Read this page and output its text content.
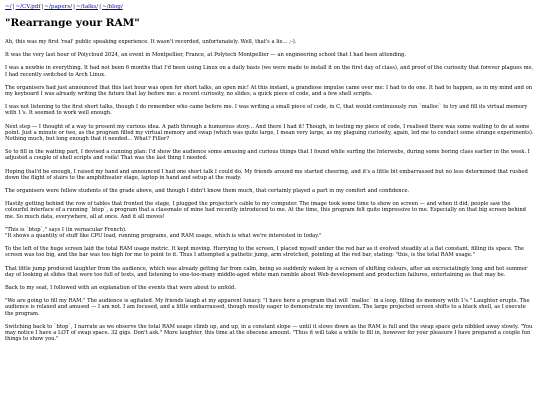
~/|~/CV.pdf|~/papers/|~/talks/|~/blog/
"Rearrange your RAM"

Ah, this was my first 'real' public speaking experience. It wasn't recorded, unfortunately. Well, that's a lie... ;-).

It was the very last hour of Polycloud 2024, an event in Montpellier, France, at Polytech Montpellier — an engineering school that I had been attending.

I was a newbie in everything. It had not been 6 months that I'd been using Linux on a daily basis (we were made to install it on the first day of class), and proof of the curiosity that forever plagues me, I had recently switched to Arch Linux.

The organisers had just announced that this last hour was open for short talks, an open mic! At this instant, a grandiose impulse came over me: I had to do one. It had to happen, as in my mind and on my keyboard I was already writing the future that lay before me: a recent curiosity, no slides, a quick piece of code, and a few shell scripts.

I was not listening to the first short talks, though I do remember who came before me. I was writing a small piece of code, in C, that would continuously run `malloc` to try and fill its virtual memory with 1's. It seemed to work well enough.

Next step — I thought of a way to present my curious idea. A path through a humorous story... And there I had it! Though, in testing my piece of code, I realised there was some waiting to do at some point. Just a minute or two, as the program filled my virtual memory and swap (which was quite large, I mean very large, as my plaguing curiosity, again, led me to conduct some strange experiments). Nothing much, but long enough that it needed... What? Filler?

So to fill in the waiting part, I devised a cunning plan: I'd show the audience some amusing and curious things that I found while surfing the Interwebs, during some boring class earlier in the week. I adjusted a couple of shell scripts and voilà! That was the last thing I needed.

Hoping that'd be enough, I raised my hand and announced I had one short talk I could do. My friends around me started cheering, and it's a little bit embarrassed but no less determined that rushed down the flight of stairs to the amphitheater stage, laptop in hand and setup at the ready.

The organisers were fellow students of the grade above, and though I didn't know them much, that certainly played a part in my comfort and confidence.

Hastily getting behind the row of tables that fronted the stage, I plugged the projector's cable to my computer. The image took some time to show on screen — and when it did, people saw the colourful interface of a running `btop`, a program that a classmate of mine had recently introduced to me. At the time, this program felt quite impressive to me. Especially on that big screen behind me. So much data, everywhere, all at once. And it all moves!

"This is `btop`," says I (in vernacular French).
"It shows a quantity of stuff like CPU load, running programs, and RAM usage, which is what we're interested in today."

To the left of the huge screen laid the total RAM usage metric. It kept moving. Hurrying to the screen, I placed myself under the red bar as it evolved steadily at a flat constant, filling its space. The screen was too big, and the bar was too high for me to point to it. Thus I attempted a pathetic jump, arm stretched, pointing at the red bar, stating: "this, is the total RAM usage."

That little jump produced laughter from the audience, which was already getting far from calm, being so suddenly waken by a screen of shifting colours, after an excruciatingly long and hot summer day of looking at slides that were too full of texts, and listening to one-too-many middle-aged white man ramble about Web development and production failures, entertaining as that may be.

Back to my seat, I followed with an explanation of the events that were about to unfold.

"We are going to fill my RAM." The audience is agitated. My friends laugh at my apparent lunacy. "I have here a program that will `malloc` in a loop, filling its memory with 1's." Laughter erupts. The audience is relaxed and amused — I am not. I am focused, and a little embarrassed, though mostly eager to demonstrate my invention. The large projected screen shifts to a black shell, as I execute the program.

Switching back to `btop`, I narrate as we observe the total RAM usage climb up, and up, in a constant slope — until it slows down as the RAM is full and the swap space gets nibbled away slowly. "You may notice I have a LOT of swap space. 32 gigs. Don't ask." More laughter, this time at the obscene amount. "Thus it will take a while to fill in, however for your pleasure I have prepared a couple fun things to show you."
